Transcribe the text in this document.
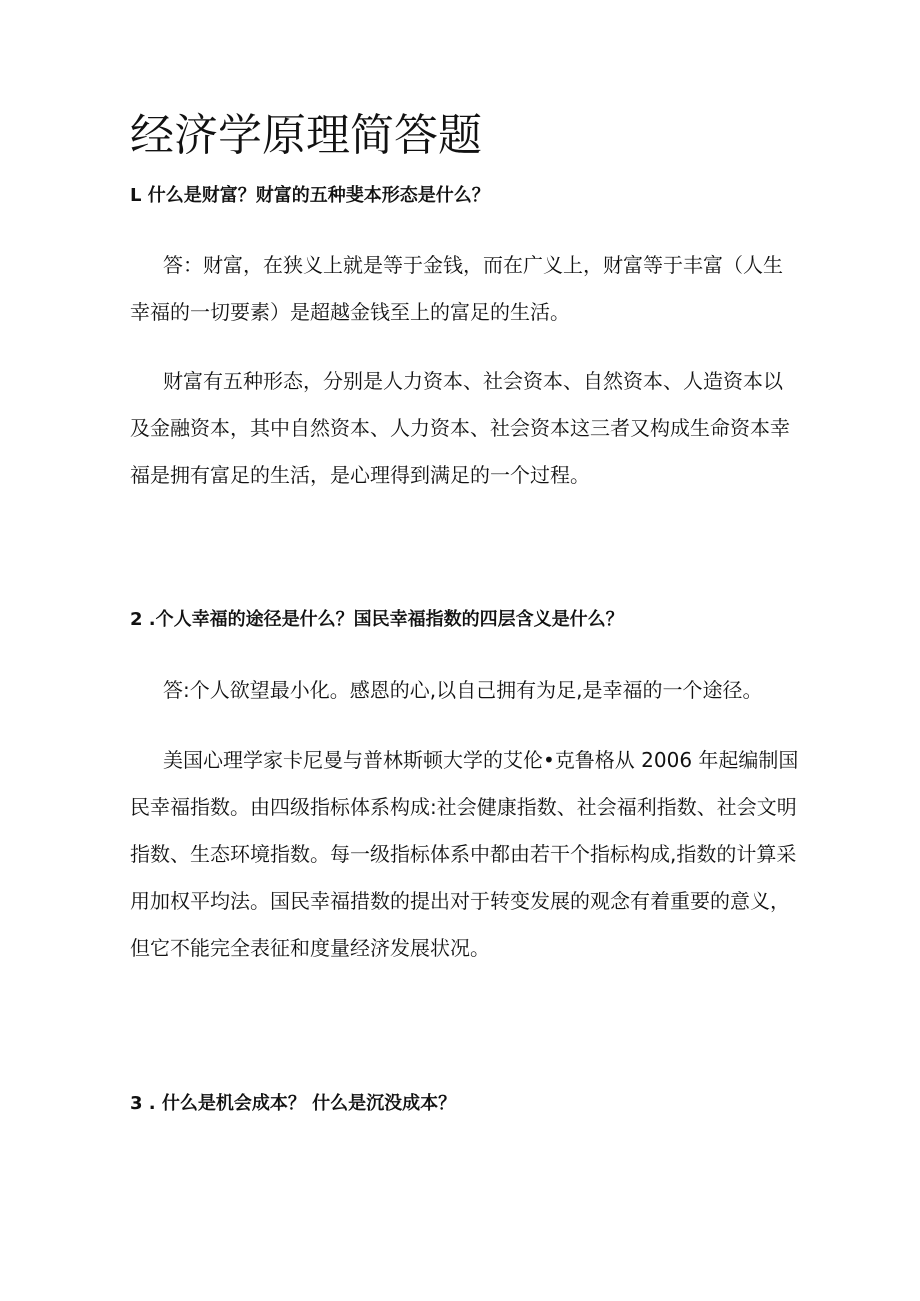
经济学原理简答题

L 什么是财富？财富的五种斐本形态是什么？

答：财富，在狭义上就是等于金钱，而在广义上，财富等于丰富（人生
幸福的一切要素）是超越金钱至上的富足的生活。
财富有五种形态，分别是人力资本、社会资本、自然资本、人造资本以
及金融资本，其中自然资本、人力资本、社会资本这三者又构成生命资本幸
福是拥有富足的生活，是心理得到满足的一个过程。

2 .个人幸福的途径是什么？国民幸福指数的四层含义是什么？

答:个人欲望最小化。感恩的心,以自己拥有为足,是幸福的一个途径。
美国心理学家卡尼曼与普林斯顿大学的艾伦•克鲁格从 2006 年起编制国
民幸福指数。由四级指标体系构成:社会健康指数、社会福利指数、社会文明
指数、生态环境指数。每一级指标体系中都由若干个指标构成,指数的计算采
用加权平均法。国民幸福措数的提出对于转变发展的观念有着重要的意义，
但它不能完全表征和度量经济发展状况。

3 . 什么是机会成本？ 什么是沉没成本？
